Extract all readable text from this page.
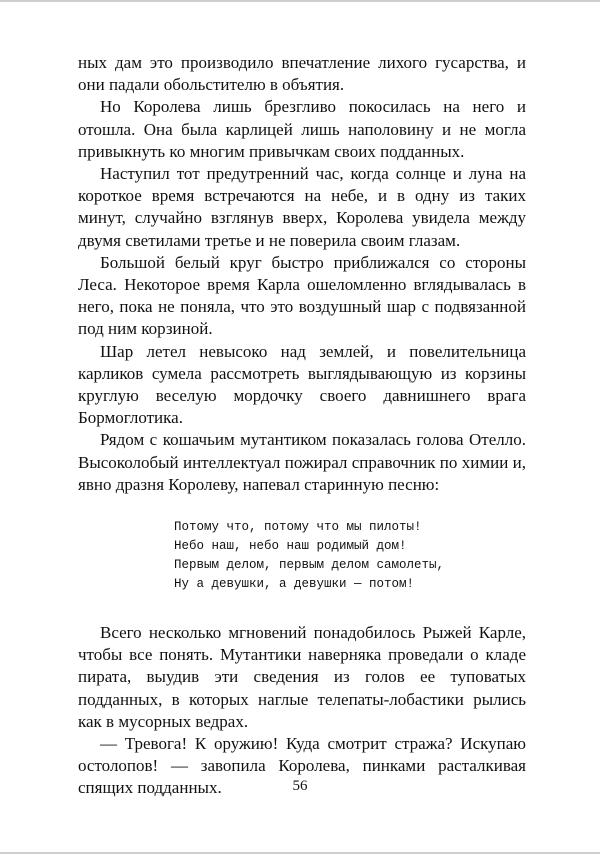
ных дам это производило впечатление лихого гусарства, и они падали обольстителю в объятия.

Но Королева лишь брезгливо покосилась на него и отошла. Она была карлицей лишь наполовину и не могла привыкнуть ко многим привычкам своих подданных.

Наступил тот предутренний час, когда солнце и луна на короткое время встречаются на небе, и в одну из таких минут, случайно взглянув вверх, Королева увидела между двумя светилами третье и не поверила своим глазам.

Большой белый круг быстро приближался со стороны Леса. Некоторое время Карла ошеломленно вглядывалась в него, пока не поняла, что это воздушный шар с подвязанной под ним корзиной.

Шар летел невысоко над землей, и повелительница карликов сумела рассмотреть выглядывающую из корзины круглую веселую мордочку своего давнишнего врага Бормоглотика.

Рядом с кошачьим мутантиком показалась голова Отелло. Высоколобый интеллектуал пожирал справочник по химии и, явно дразня Королеву, напевал старинную песню:

Потому что, потому что мы пилоты!
Небо наш, небо наш родимый дом!
Первым делом, первым делом самолеты,
Ну а девушки, а девушки — потом!

Всего несколько мгновений понадобилось Рыжей Карле, чтобы все понять. Мутантики наверняка проведали о кладе пирата, выудив эти сведения из голов ее туповатых подданных, в которых наглые телепаты-лобастики рылись как в мусорных ведрах.

— Тревога! К оружию! Куда смотрит стража? Искупаю остолопов! — завопила Королева, пинками расталкивая спящих подданных.	56
